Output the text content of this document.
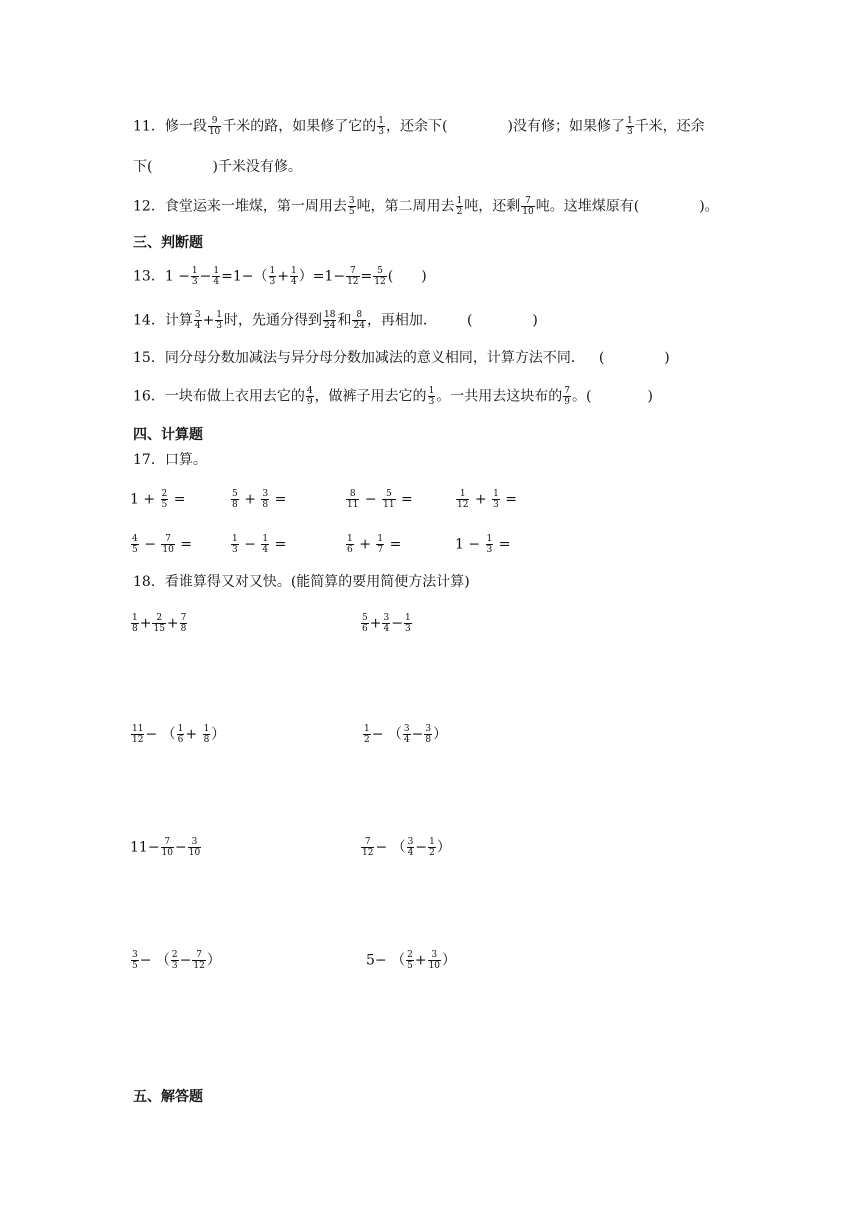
11．修一段 $\frac{9}{10}$ 千米的路，如果修了它的 $\frac{1}{3}$ ，还余下(	)没有修；如果修了 $\frac{1}{3}$ 千米，还余
下(	)千米没有修。
12．食堂运来一堆煤，第一周用去 $\frac{3}{5}$ 吨，第二周用去 $\frac{1}{2}$ 吨，还剩 $\frac{7}{10}$ 吨。这堆煤原有(	)。
三、判断题
13．$1 - \frac{1}{3} - \frac{1}{4} =1-( \frac{1}{3} + \frac{1}{4} )=1- \frac{7}{12} = \frac{5}{12}$ ( )
14．计算 $\frac{3}{4} + \frac{1}{3}$ 时，先通分得到 $\frac{18}{24}$ 和 $\frac{8}{24}$ ，再相加． (	)
15．同分母分数加减法与异分母分数加减法的意义相同，计算方法不同． (	)
16．一块布做上衣用去它的 $\frac{4}{9}$ ，做裤子用去它的 $\frac{1}{3}$ 。一共用去这块布的 $\frac{7}{9}$ 。(	)
四、计算题
17．口算。
$1 + \frac{2}{5}$ =	$\frac{5}{8} + \frac{3}{8}$ =	$\frac{8}{11} - \frac{5}{11}$ =	$\frac{1}{12} + \frac{1}{3}$ =
$\frac{4}{5} - \frac{7}{10}$ =	$\frac{1}{3} - \frac{1}{4}$ =	$\frac{1}{6} + \frac{1}{7}$ =	$1 - \frac{1}{3}$ =
18．看谁算得又对又快。(能简算的要用简便方法计算)
$\frac{1}{8} + \frac{2}{15} + \frac{7}{8}$	$\frac{5}{6} + \frac{3}{4} - \frac{1}{3}$
$\frac{11}{12}$ − （ $\frac{1}{6} + \frac{1}{8}$ ）	$\frac{1}{2}$ − （ $\frac{3}{4} - \frac{3}{8}$ ）
$11- \frac{7}{10} - \frac{3}{10}$	$\frac{7}{12}$ − （ $\frac{3}{4} - \frac{1}{2}$ ）
$\frac{3}{5}$ − （ $\frac{2}{3} - \frac{7}{12}$ ）	5− （ $\frac{2}{5} + \frac{3}{10}$ ）
五、解答题
